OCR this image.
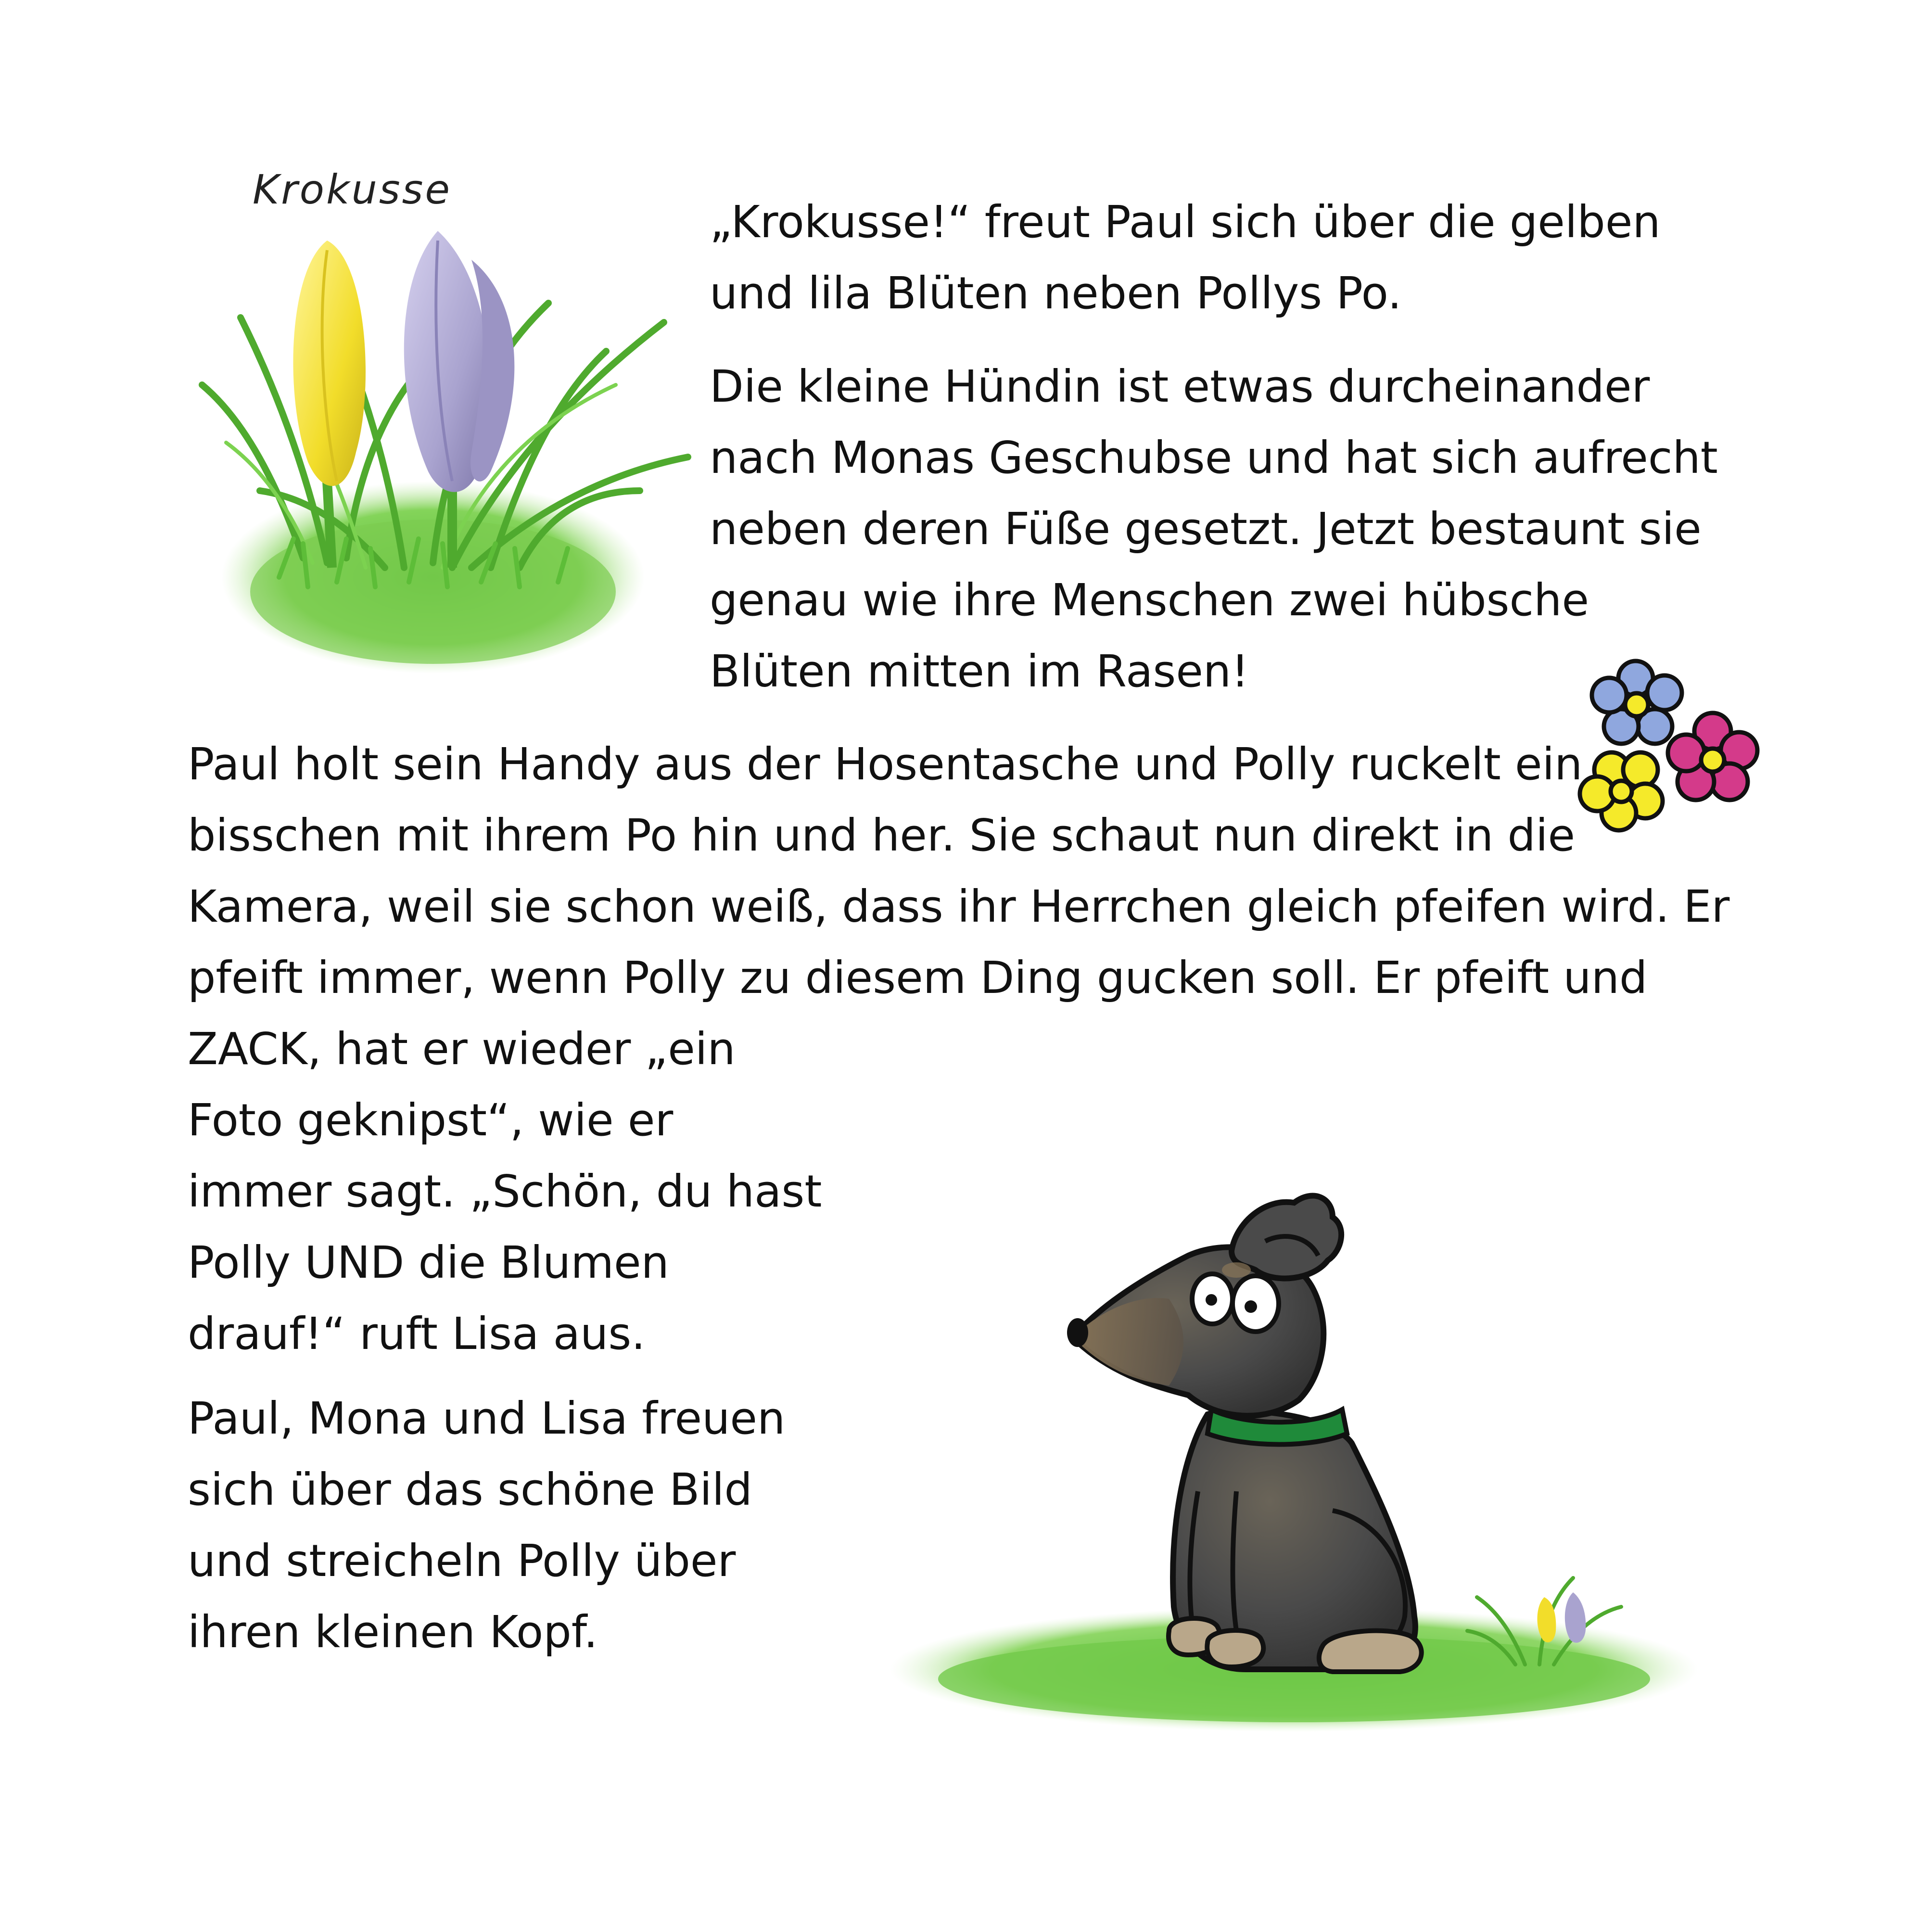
Krokusse
„Krokusse!“ freut Paul sich über die gelben
und lila Blüten neben Pollys Po.
Die kleine Hündin ist etwas durcheinander
nach Monas Geschubse und hat sich aufrecht
neben deren Füße gesetzt. Jetzt bestaunt sie
genau wie ihre Menschen zwei hübsche
Blüten mitten im Rasen!
Paul holt sein Handy aus der Hosentasche und Polly ruckelt ein
bisschen mit ihrem Po hin und her. Sie schaut nun direkt in die
Kamera, weil sie schon weiß, dass ihr Herrchen gleich pfeifen wird. Er
pfeift immer, wenn Polly zu diesem Ding gucken soll. Er pfeift und
ZACK, hat er wieder „ein
Foto geknipst“, wie er
immer sagt. „Schön, du hast
Polly UND die Blumen
drauf!“ ruft Lisa aus.
Paul, Mona und Lisa freuen
sich über das schöne Bild
und streicheln Polly über
ihren kleinen Kopf.
